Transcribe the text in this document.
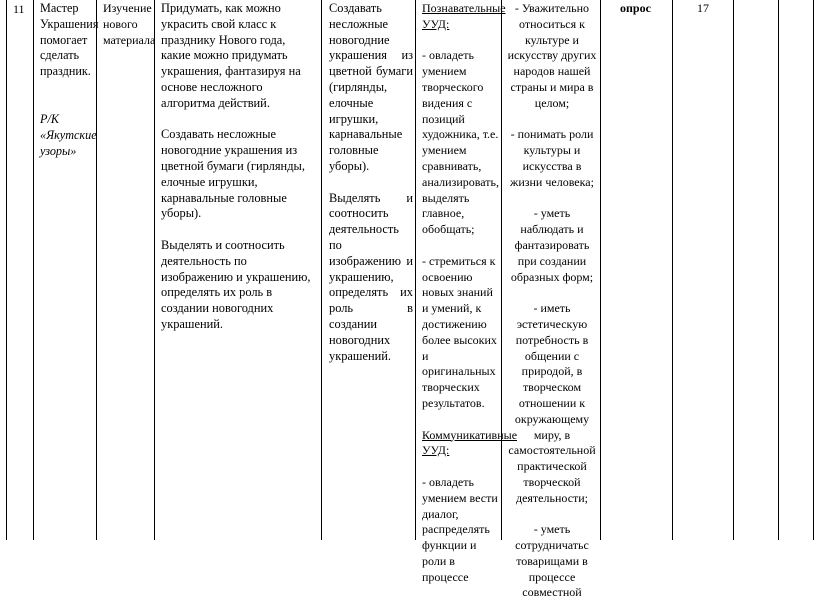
11 Мастер Украшения помогает сделать праздник.

Р/К «Якутские узоры»

Изучение нового материала

Придумать, как можно украсить свой класс к празднику Нового года, какие можно придумать украшения, фантазируя на основе несложного алгоритма действий.

Создавать несложные новогодние украшения из цветной бумаги (гирлянды, елочные игрушки, карнавальные головные уборы).

Выделять и соотносить деятельность по изображению и украшению, определять их роль в создании новогодних украшений.

Создавать несложные новогодние украшения из цветной бумаги (гирлянды, елочные игрушки, карнавальные головные уборы).

Выделять и соотносить деятельность по изображению и украшению, определять их роль в создании новогодних украшений.

Познавательные УУД:

- овладеть умением творческого видения с позиций художника, т.е. умением сравнивать, анализировать, выделять главное, обобщать;

- стремиться к освоению новых знаний и умений, к достижению более высоких и оригинальных творческих результатов.

Коммуникативные УУД:

- овладеть умением вести диалог, распределять функции и роли в процессе

- Уважительно относиться к культуре и искусству других народов нашей страны и мира в целом;

- понимать роли культуры и искусства в жизни человека;

- уметь наблюдать и фантазировать при создании образных форм;

- иметь эстетическую потребность в общении с природой, в творческом отношении к окружающему миру, в самостоятельной практической творческой деятельности;

- уметь сотрудничатьс товарищами в процессе совместной

опрос	17
